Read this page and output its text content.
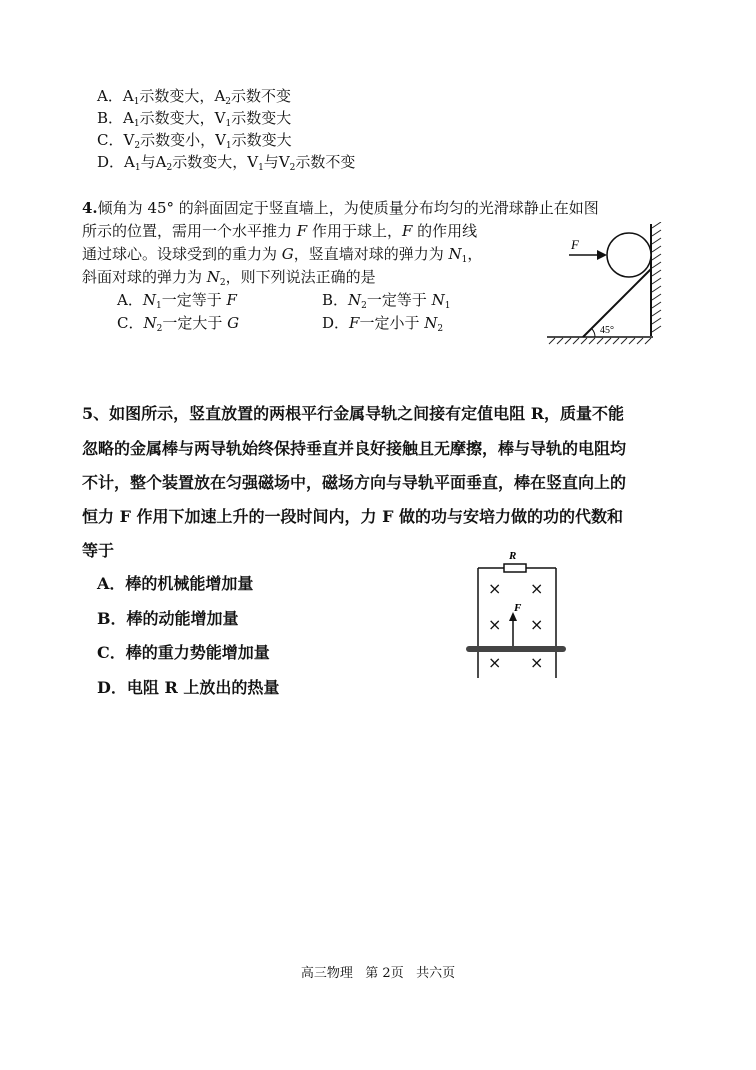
A．$A_1$示数变大，$A_2$示数不变
B．$A_1$示数变大，$V_1$示数变大
C．$V_2$示数变小，$V_1$示数变大
D．$A_1$与$A_2$示数变大，$V_1$与$V_2$示数不变
4.倾角为 45° 的斜面固定于竖直墙上，为使质量分布均匀的光滑球静止在如图
所示的位置，需用一个水平推力 F 作用于球上，F 的作用线
通过球心。设球受到的重力为 G，竖直墙对球的弹力为 $N_1$，
斜面对球的弹力为 $N_2$，则下列说法正确的是
A．$N_1$一定等于 F	B．$N_2$一定等于 $N_1$
C．$N_2$一定大于 G	D．F一定小于 $N_2$	45°
F
5、如图所示，竖直放置的两根平行金属导轨之间接有定值电阻 R，质量不能
忽略的金属棒与两导轨始终保持垂直并良好接触且无摩擦，棒与导轨的电阻均
不计，整个装置放在匀强磁场中，磁场方向与导轨平面垂直，棒在竖直向上的
恒力 F 作用下加速上升的一段时间内，力 F 做的功与安培力做的功的代数和
等于
A．棒的机械能增加量
B．棒的动能增加量
C．棒的重力势能增加量
D．电阻 R 上放出的热量
R
× ×
× ×
× ×
F
高三物理 第 2页 共六页
